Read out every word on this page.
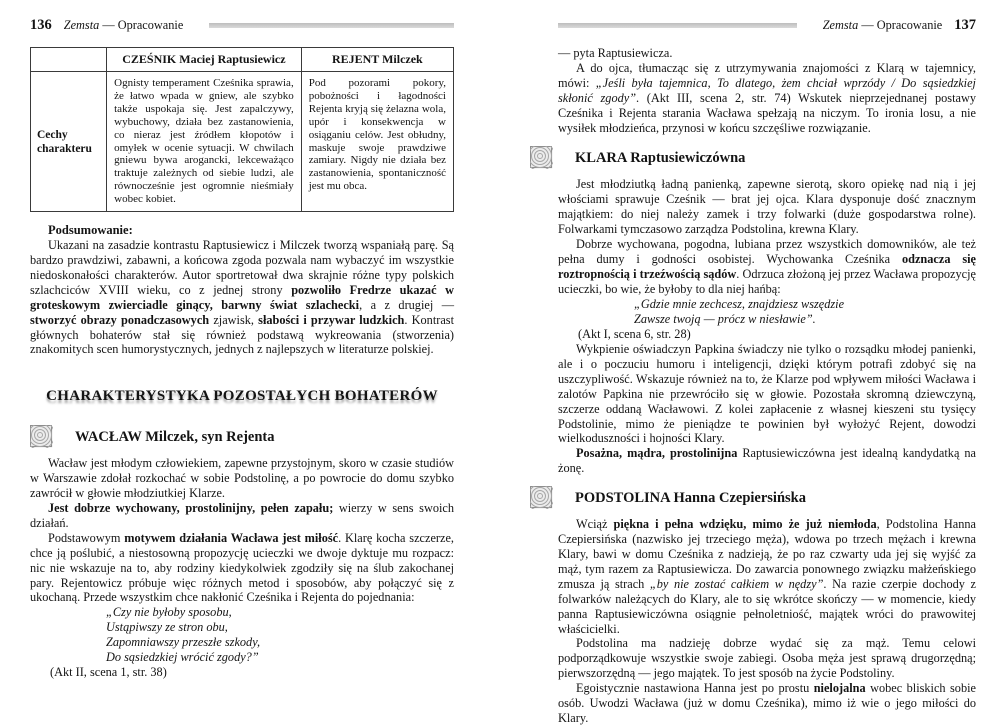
136 Zemsta — Opracowanie
	CZEŚNIK Maciej Raptusiewicz	REJENT Milczek
Cechy charakteru	Ognisty temperament Cześnika sprawia, że łatwo wpada w gniew, ale szybko także uspokaja się. Jest zapalczywy, wybuchowy, działa bez zastanowienia, co nieraz jest źródłem kłopotów i omyłek w ocenie sytuacji. W chwilach gniewu bywa arogancki, lekceważąco traktuje zależnych od siebie ludzi, ale równocześnie jest ogromnie nieśmiały wobec kobiet.	Pod pozorami pokory, pobożności i łagodności Rejenta kryją się żelazna wola, upór i konsekwencja w osiąganiu celów. Jest obłudny, maskuje swoje prawdziwe zamiary. Nigdy nie działa bez zastanowienia, spontaniczność jest mu obca.

Podsumowanie:

Ukazani na zasadzie kontrastu Raptusiewicz i Milczek tworzą wspaniałą parę. Są bardzo prawdziwi, zabawni, a końcowa zgoda pozwala nam wybaczyć im wszystkie niedoskonałości charakterów. Autor sportretował dwa skrajnie różne typy polskich szlachciców XVIII wieku, co z jednej strony pozwoliło Fredrze ukazać w groteskowym zwierciadle ginący, barwny świat szlachecki, a z drugiej — stworzyć obrazy ponadczasowych zjawisk, słabości i przywar ludzkich. Kontrast głównych bohaterów stał się również podstawą wykreowania (stworzenia) znakomitych scen humorystycznych, jednych z najlepszych w literaturze polskiej.

CHARAKTERYSTYKA POZOSTAŁYCH BOHATERÓW
WACŁAW Milczek, syn Rejenta

Wacław jest młodym człowiekiem, zapewne przystojnym, skoro w czasie studiów w Warszawie zdołał rozkochać w sobie Podstolinę, a po powrocie do domu szybko zawrócił w głowie młodziutkiej Klarze.

Jest dobrze wychowany, prostolinijny, pełen zapału; wierzy w sens swoich działań.

Podstawowym motywem działania Wacława jest miłość. Klarę kocha szczerze, chce ją poślubić, a niestosowną propozycję ucieczki we dwoje dyktuje mu rozpacz: nic nie wskazuje na to, aby rodziny kiedykolwiek zgodziły się na ślub zakochanej pary. Rejentowicz próbuje więc różnych metod i sposobów, aby połączyć się z ukochaną. Przede wszystkim chce nakłonić Cześnika i Rejenta do pojednania:

„Czy nie byłoby sposobu,
Ustąpiwszy ze stron obu,
Zapomniawszy przeszłe szkody,
Do sąsiedzkiej wrócić zgody?”

(Akt II, scena 1, str. 38)

Zemsta — Opracowanie 137

— pyta Raptusiewicza.

A do ojca, tłumacząc się z utrzymywania znajomości z Klarą w tajemnicy, mówi: „Jeśli była tajemnica, To dlatego, żem chciał wprzódy / Do sąsiedzkiej skłonić zgody”. (Akt III, scena 2, str. 74) Wskutek nieprzejednanej postawy Cześnika i Rejenta starania Wacława spełzają na niczym. To ironia losu, a nie wysiłek młodzieńca, przynosi w końcu szczęśliwe rozwiązanie.

KLARA Raptusiewiczówna

Jest młodziutką ładną panienką, zapewne sierotą, skoro opiekę nad nią i jej włościami sprawuje Cześnik — brat jej ojca. Klara dysponuje dość znacznym majątkiem: do niej należy zamek i trzy folwarki (duże gospodarstwa rolne). Folwarkami tymczasowo zarządza Podstolina, krewna Klary.

Dobrze wychowana, pogodna, lubiana przez wszystkich domowników, ale też pełna dumy i godności osobistej. Wychowanka Cześnika odznacza się roztropnością i trzeźwością sądów. Odrzuca złożoną jej przez Wacława propozycję ucieczki, bo wie, że byłoby to dla niej hańbą:

„Gdzie mnie zechcesz, znajdziesz wszędzie
Zawsze twoją — prócz w niesławie”.

(Akt I, scena 6, str. 28)

Wykpienie oświadczyn Papkina świadczy nie tylko o rozsądku młodej panienki, ale i o poczuciu humoru i inteligencji, dzięki którym potrafi zdobyć się na uszczypliwość. Wskazuje również na to, że Klarze pod wpływem miłości Wacława i zalotów Papkina nie przewróciło się w głowie. Pozostała skromną dziewczyną, szczerze oddaną Wacławowi. Z kolei zapłacenie z własnej kieszeni stu tysięcy Podstolinie, mimo że pieniądze te powinien był wyłożyć Rejent, dowodzi wielkoduszności i hojności Klary.

Posażna, mądra, prostolinijna Raptusiewiczówna jest idealną kandydatką na żonę.

PODSTOLINA Hanna Czepiersińska

Wciąż piękna i pełna wdzięku, mimo że już niemłoda, Podstolina Hanna Czepiersińska (nazwisko jej trzeciego męża), wdowa po trzech mężach i krewna Klary, bawi w domu Cześnika z nadzieją, że po raz czwarty uda jej się wyjść za mąż, tym razem za Raptusiewicza. Do zawarcia ponownego związku małżeńskiego zmusza ją strach „by nie zostać całkiem w nędzy”. Na razie czerpie dochody z folwarków należących do Klary, ale to się wkrótce skończy — w momencie, kiedy panna Raptusiewiczówna osiągnie pełnoletniość, majątek wróci do prawowitej właścicielki.

Podstolina ma nadzieję dobrze wydać się za mąż. Temu celowi podporządkowuje wszystkie swoje zabiegi. Osoba męża jest sprawą drugorzędną; pierwszorzędną — jego majątek. To jest sposób na życie Podstoliny.

Egoistycznie nastawiona Hanna jest po prostu nielojalna wobec bliskich sobie osób. Uwodzi Wacława (już w domu Cześnika), mimo iż wie o jego miłości do Klary.
